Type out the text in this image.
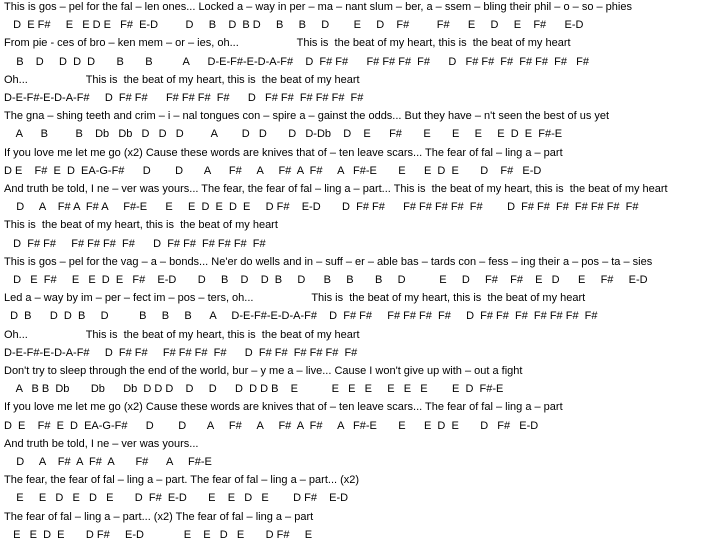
This is gos – pel for the fal – len ones... Locked a – way in per – ma – nant slum – ber, a – ssem – bling their phil – o – so – phies
D  E F#     E   E D E   F#  E-D         D     B    D  B D     B     B     D        E     D    F#         F#      E     D     E    F#      E-D
From pie - ces of bro – ken mem – or – ies, oh...                   This is  the beat of my heart, this is  the beat of my heart
B    D     D  D  D       B       B          A      D-E-F#-E-D-A-F#    D  F# F#      F# F# F#  F#      D   F# F#  F#  F# F#  F#   F#
Oh...                   This is  the beat of my heart, this is  the beat of my heart
D-E-F#-E-D-A-F#     D  F# F#      F# F# F#  F#      D   F# F#  F# F# F#  F#
The gna – shing teeth and crim – i – nal tongues con – spire a – gainst the odds... But they have – n't seen the best of us yet
A      B         B    Db   Db   D   D   D         A        D   D       D   D-Db    D    E      F#       E       E     E     E  D  E  F#-E
If you love me let me go (x2) Cause these words are knives that of – ten leave scars... The fear of fal – ling a – part
D E    F#  E  D  EA-G-F#      D        D       A      F#     A     F#  A  F#     A   F#-E       E      E  D  E       D    F#   E-D
And truth be told, I ne – ver was yours... The fear, the fear of fal – ling a – part... This is  the beat of my heart, this is  the beat of my heart
D     A    F# A  F# A     F#-E      E     E  D  E  D  E     D F#    E-D       D  F# F#      F# F# F# F#  F#        D  F# F#  F#  F# F# F#  F#
This is  the beat of my heart, this is  the beat of my heart
D  F# F#     F# F# F#  F#      D  F# F#  F# F# F#  F#
This is gos – pel for the vag – a – bonds... Ne'er do wells and in – suff – er – able bas – tards con – fess – ing their a – pos – ta – sies
D   E  F#     E   E  D  E   F#    E-D       D     B    D    D  B     D      B     B       B     D           E     D     F#    F#    E   D      E     F#     E-D
Led a – way by im – per – fect im – pos – ters, oh...                   This is  the beat of my heart, this is  the beat of my heart
D  B      D  D  B     D          B     B     B      A     D-E-F#-E-D-A-F#    D  F# F#     F# F# F#  F#     D  F# F#  F#  F# F# F#  F#
Oh...                   This is  the beat of my heart, this is  the beat of my heart
D-E-F#-E-D-A-F#     D  F# F#     F# F# F#  F#      D  F# F#  F# F# F#  F#
Don't try to sleep through the end of the world, bur – y me a – live... Cause I won't give up with – out a fight
A   B B  Db       Db      Db  D D D    D     D      D  D D B    E           E   E   E     E   E   E        E  D  F#-E
If you love me let me go (x2) Cause these words are knives that of – ten leave scars... The fear of fal – ling a – part
D  E    F#  E  D  EA-G-F#      D        D       A     F#     A     F#  A  F#     A   F#-E       E      E  D  E       D   F#   E-D
And truth be told, I ne – ver was yours...
D     A    F#  A  F#  A       F#      A     F#-E
The fear, the fear of fal – ling a – part. The fear of fal – ling a – part... (x2)
E     E   D   E   D   E       D  F#  E-D       E    E   D   E        D F#    E-D
The fear of fal – ling a – part... (x2) The fear of fal – ling a – part
E   E  D  E       D F#     E-D             E    E   D   E       D F#     E
